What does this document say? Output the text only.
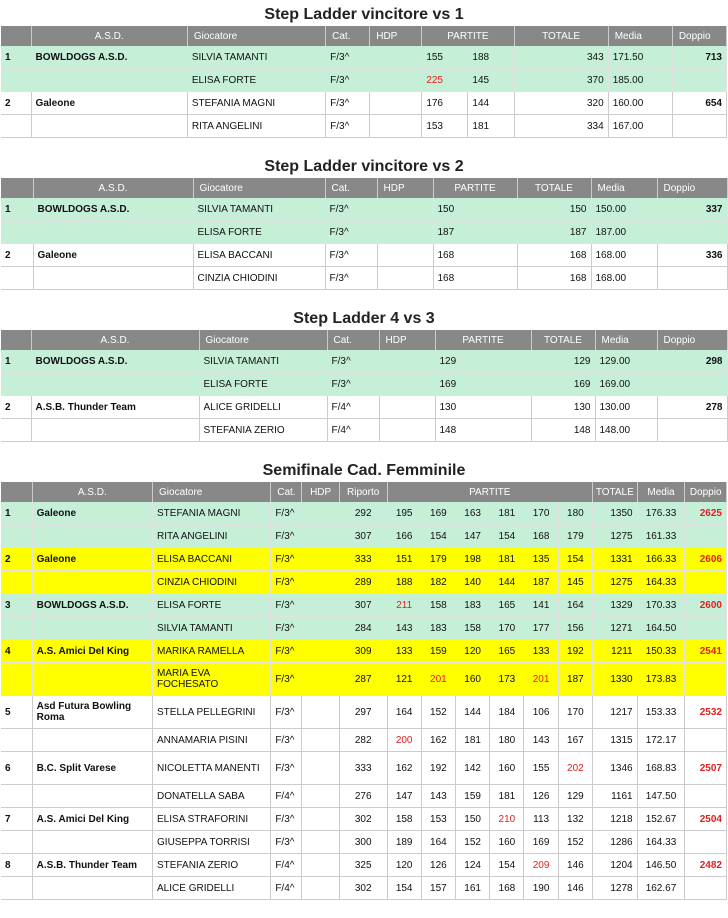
Step Ladder vincitore vs 1
	A.S.D.	Giocatore	Cat.	HDP	PARTITE		TOTALE	Media	Doppio
1	BOWLDOGS A.S.D.	SILVIA TAMANTI	F/3^		155	188	343	171.50	713
		ELISA FORTE	F/3^		225	145	370	185.00	
2	Galeone	STEFANIA MAGNI	F/3^		176	144	320	160.00	654
		RITA ANGELINI	F/3^		153	181	334	167.00	
Step Ladder vincitore vs 2
	A.S.D.	Giocatore	Cat.	HDP	PARTITE	TOTALE	Media	Doppio
1	BOWLDOGS A.S.D.	SILVIA TAMANTI	F/3^		150	150	150.00	337
		ELISA FORTE	F/3^		187	187	187.00	
2	Galeone	ELISA BACCANI	F/3^		168	168	168.00	336
		CINZIA CHIODINI	F/3^		168	168	168.00	
Step Ladder 4 vs 3
	A.S.D.	Giocatore	Cat.	HDP	PARTITE	TOTALE	Media	Doppio
1	BOWLDOGS A.S.D.	SILVIA TAMANTI	F/3^		129	129	129.00	298
		ELISA FORTE	F/3^		169	169	169.00	
2	A.S.B. Thunder Team	ALICE GRIDELLI	F/4^		130	130	130.00	278
		STEFANIA ZERIO	F/4^		148	148	148.00	
Semifinale Cad. Femminile
	A.S.D.	Giocatore	Cat.	HDP	Riporto	PARTITE						TOTALE	Media	Doppio
1	Galeone	STEFANIA MAGNI	F/3^		292	195	169	163	181	170	180	1350	176.33	2625
		RITA ANGELINI	F/3^		307	166	154	147	154	168	179	1275	161.33	
2	Galeone	ELISA BACCANI	F/3^		333	151	179	198	181	135	154	1331	166.33	2606
		CINZIA CHIODINI	F/3^		289	188	182	140	144	187	145	1275	164.33	
3	BOWLDOGS A.S.D.	ELISA FORTE	F/3^		307	211	158	183	165	141	164	1329	170.33	2600
		SILVIA TAMANTI	F/3^		284	143	183	158	170	177	156	1271	164.50	
4	A.S. Amici Del King	MARIKA RAMELLA	F/3^		309	133	159	120	165	133	192	1211	150.33	2541
		MARIA EVA FOCHESATO	F/3^		287	121	201	160	173	201	187	1330	173.83	
5	Asd Futura Bowling Roma	STELLA PELLEGRINI	F/3^		297	164	152	144	184	106	170	1217	153.33	2532
		ANNAMARIA PISINI	F/3^		282	200	162	181	180	143	167	1315	172.17	
6	B.C. Split Varese	NICOLETTA MANENTI	F/3^		333	162	192	142	160	155	202	1346	168.83	2507
		DONATELLA SABA	F/4^		276	147	143	159	181	126	129	1161	147.50	
7	A.S. Amici Del King	ELISA STRAFORINI	F/3^		302	158	153	150	210	113	132	1218	152.67	2504
		GIUSEPPA TORRISI	F/3^		300	189	164	152	160	169	152	1286	164.33	
8	A.S.B. Thunder Team	STEFANIA ZERIO	F/4^		325	120	126	124	154	209	146	1204	146.50	2482
		ALICE GRIDELLI	F/4^		302	154	157	161	168	190	146	1278	162.67	
